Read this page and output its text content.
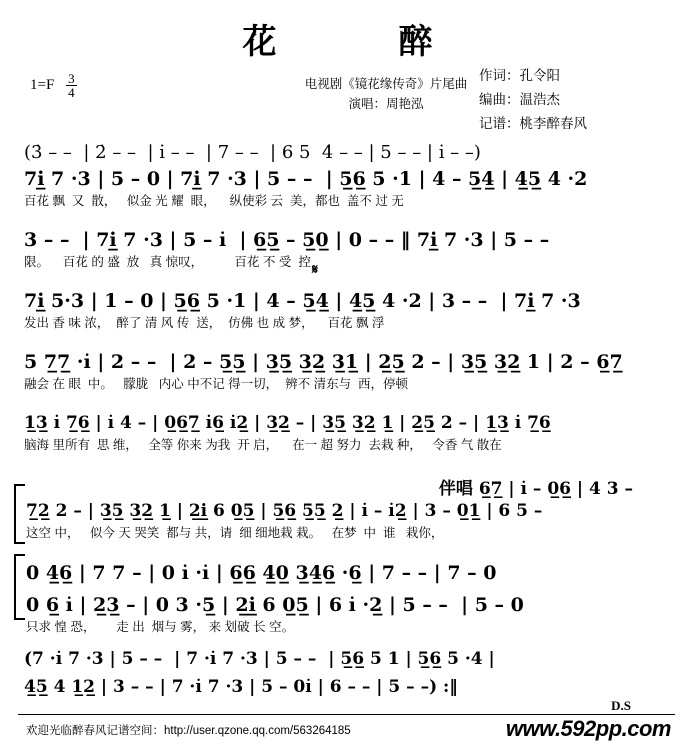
花　　醉
$1=F \frac{3}{4}$	电视剧《镜花缘传奇》片尾曲
演唱：周艳泓
作词：孔令阳
编曲：温浩杰
记谱：桃李醉春风
(3̇ – –  | 2̇ – –  | i̇ – –  | 7 – –  | 6 5  4̇ – – | 5 – – | i̇ – –)
7i̲ 7 ·3 | 5 – 0 | 7i̲ 7 ·3 | 5 – –  | 5̲6̲ 5 ·1 | 4 – 5̲4̲ | 4̲5̲ 4 ·2
百花 飘  又  散，   似金 光 耀  眼，    纵使彩 云  美，都也  盖不 过 无
3 – –  | 7i̲ 7 ·3 | 5 – i̇  | 6̲5̲ – 5̲0̲ | 0 – – ‖ 7i̲ 7 ·3 | 5 – –
限。    百花 的 盛  放   真 惊叹，         百花 不 受  控 𝄋
7i̲ 5·3 | 1 – 0 | 5̲6̲ 5 ·1 | 4 – 5̲4̲ | 4̲5̲ 4 ·2 | 3 – –  | 7i̲ 7 ·3
发出 香 味 浓，  醉了 清 风 传  送，  仿佛 也 成 梦，    百花 飘 浮
5 7̲7̲ ·i̇ | 2 – –  | 2 – 5̲5̲ | 3̲5̲ 3̲2̲ 3̲1̲ | 2̲5̲ 2 – | 3̲5̲ 3̲2̲ 1 | 2 – 6̲7̲
融会 在 眼  中。   朦胧   内心 中不记 得一切，  辨不 清东与  西，停顿
1̲3̲ i̇ 7̲6̲ | i̇ 4 – | 0̲6̲7̲ i̇6̲ i̇2̲ | 3̲2̲ – | 3̲5̲ 3̲2̲ 1̲ | 2̲5̲ 2 – | 1̲3̲ i̇ 7̲6̲
脑海 里所有  思 维，   全等 你来 为我  开 启，    在一 超 努力  去栽 种，   令香 气 散在
伴唱 6̲7̲ | i̇ – 0̲6̲ | 4 3 –
7̲2̲ 2 – | 3̲5̲ 3̲2̲ 1̲ | 2̲i̲ 6 0̲5̲ | 5̲6̲ 5̲5̲ 2̲ | i̇ – i̇2̲ | 3 – 0̲1̲ | 6 5 –
这空 中，   似今 天 哭笑  都与 共，请  细 细地栽 栽。   在梦  中  谁   栽你，
0 4̲6̲ | 7 7 – | 0 i̇ ·i̇ | 6̲6̲ 4̲0̲ 3̲4̲6̲ ·6̲ | 7 – – | 7 – 0
0 6̲ i̇ | 2̲3̲ – | 0 3 ·5̲ | 2̲i̲ 6 0̲5̲ | 6 i̇ ·2̲ | 5 – –  | 5 – 0
只求 惶 恐，      走 出  烟与 雾， 来 划破 长 空。
(7 ·i̇ 7 ·3 | 5 – –  | 7 ·i̇ 7 ·3 | 5 – –  | 5̲6̲ 5 1 | 5̲6̲ 5 ·4 |
4̲5̲ 4 1̲2̲ | 3 – – | 7 ·i̇ 7 ·3 | 5 – 0i̇ | 6 – – | 5 – –) :‖
D.S
欢迎光临醉春风记谱空间：http://user.qzone.qq.com/563264185	www.592pp.com
